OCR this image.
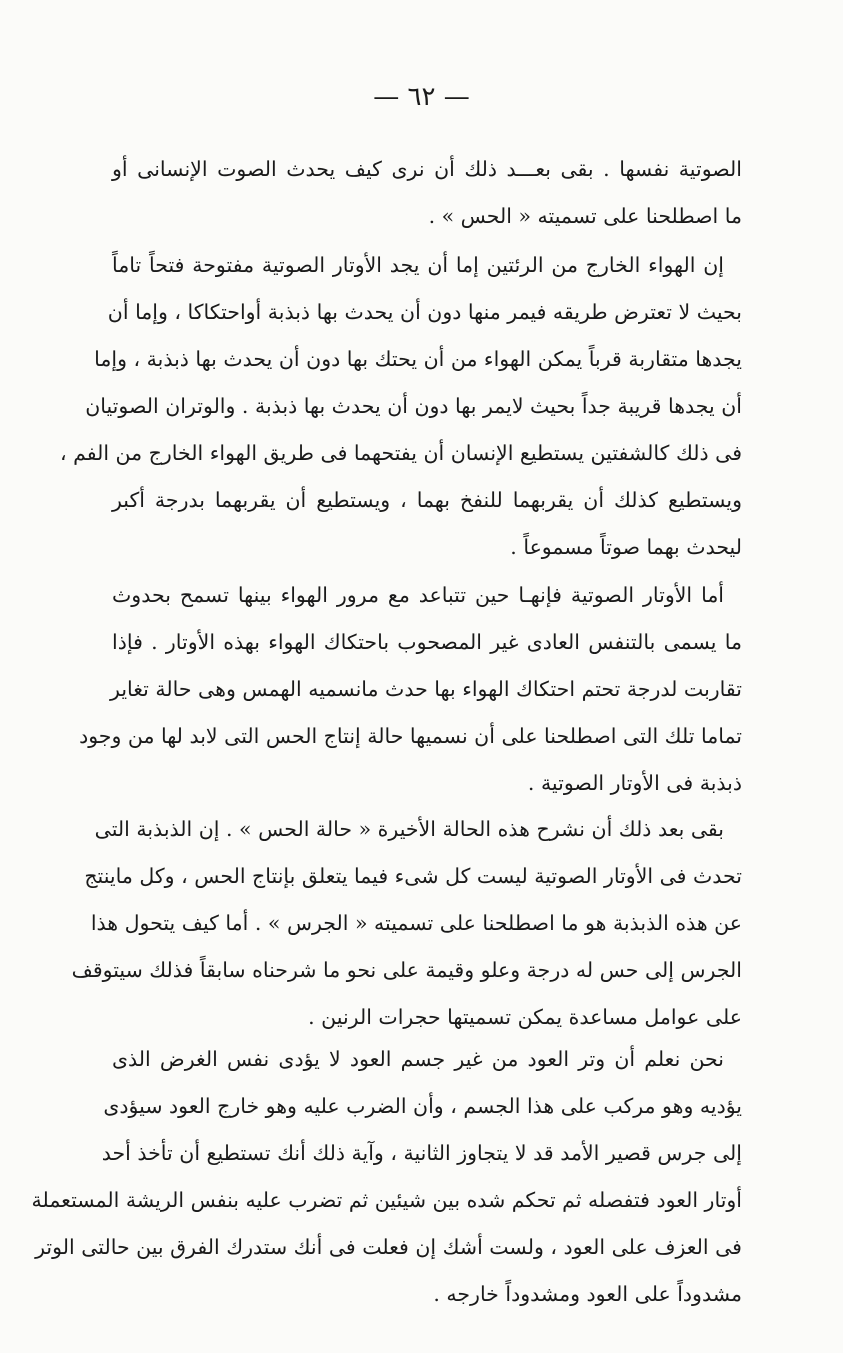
— ٦٢ —
الصوتية نفسها . بقى بعـــد ذلك أن نرى كيف يحدث الصوت الإنسانى أو
ما اصطلحنا على تسميته « الحس » .
إن الهواء الخارج من الرئتين إما أن يجد الأوتار الصوتية مفتوحة فتحاً تاماً
بحيث لا تعترض طريقه فيمر منها دون أن يحدث بها ذبذبة أواحتكاكا ، وإما أن
يجدها متقاربة قرباً يمكن الهواء من أن يحتك بها دون أن يحدث بها ذبذبة ، وإما
أن يجدها قريبة جداً بحيث لايمر بها دون أن يحدث بها ذبذبة . والوتران الصوتيان
فى ذلك كالشفتين يستطيع الإنسان أن يفتحهما فى طريق الهواء الخارج من الفم ،
ويستطيع كذلك أن يقربهما للنفخ بهما ، ويستطيع أن يقربهما بدرجة أكبر
ليحدث بهما صوتاً مسموعاً .
أما الأوتار الصوتية فإنهـا حين تتباعد مع مرور الهواء بينها تسمح بحدوث
ما يسمى بالتنفس العادى غير المصحوب باحتكاك الهواء بهذه الأوتار . فإذا
تقاربت لدرجة تحتم احتكاك الهواء بها حدث مانسميه الهمس وهى حالة تغاير
تماما تلك التى اصطلحنا على أن نسميها حالة إنتاج الحس التى لابد لها من وجود
ذبذبة فى الأوتار الصوتية .
بقى بعد ذلك أن نشرح هذه الحالة الأخيرة « حالة الحس » . إن الذبذبة التى
تحدث فى الأوتار الصوتية ليست كل شىء فيما يتعلق بإنتاج الحس ، وكل ماينتج
عن هذه الذبذبة هو ما اصطلحنا على تسميته « الجرس » . أما كيف يتحول هذا
الجرس إلى حس له درجة وعلو وقيمة على نحو ما شرحناه سابقاً فذلك سيتوقف
على عوامل مساعدة يمكن تسميتها حجرات الرنين .
نحن نعلم أن وتر العود من غير جسم العود لا يؤدى نفس الغرض الذى
يؤديه وهو مركب على هذا الجسم ، وأن الضرب عليه وهو خارج العود سيؤدى
إلى جرس قصير الأمد قد لا يتجاوز الثانية ، وآية ذلك أنك تستطيع أن تأخذ أحد
أوتار العود فتفصله ثم تحكم شده بين شيئين ثم تضرب عليه بنفس الريشة المستعملة
فى العزف على العود ، ولست أشك إن فعلت فى أنك ستدرك الفرق بين حالتى الوتر
مشدوداً على العود ومشدوداً خارجه .
